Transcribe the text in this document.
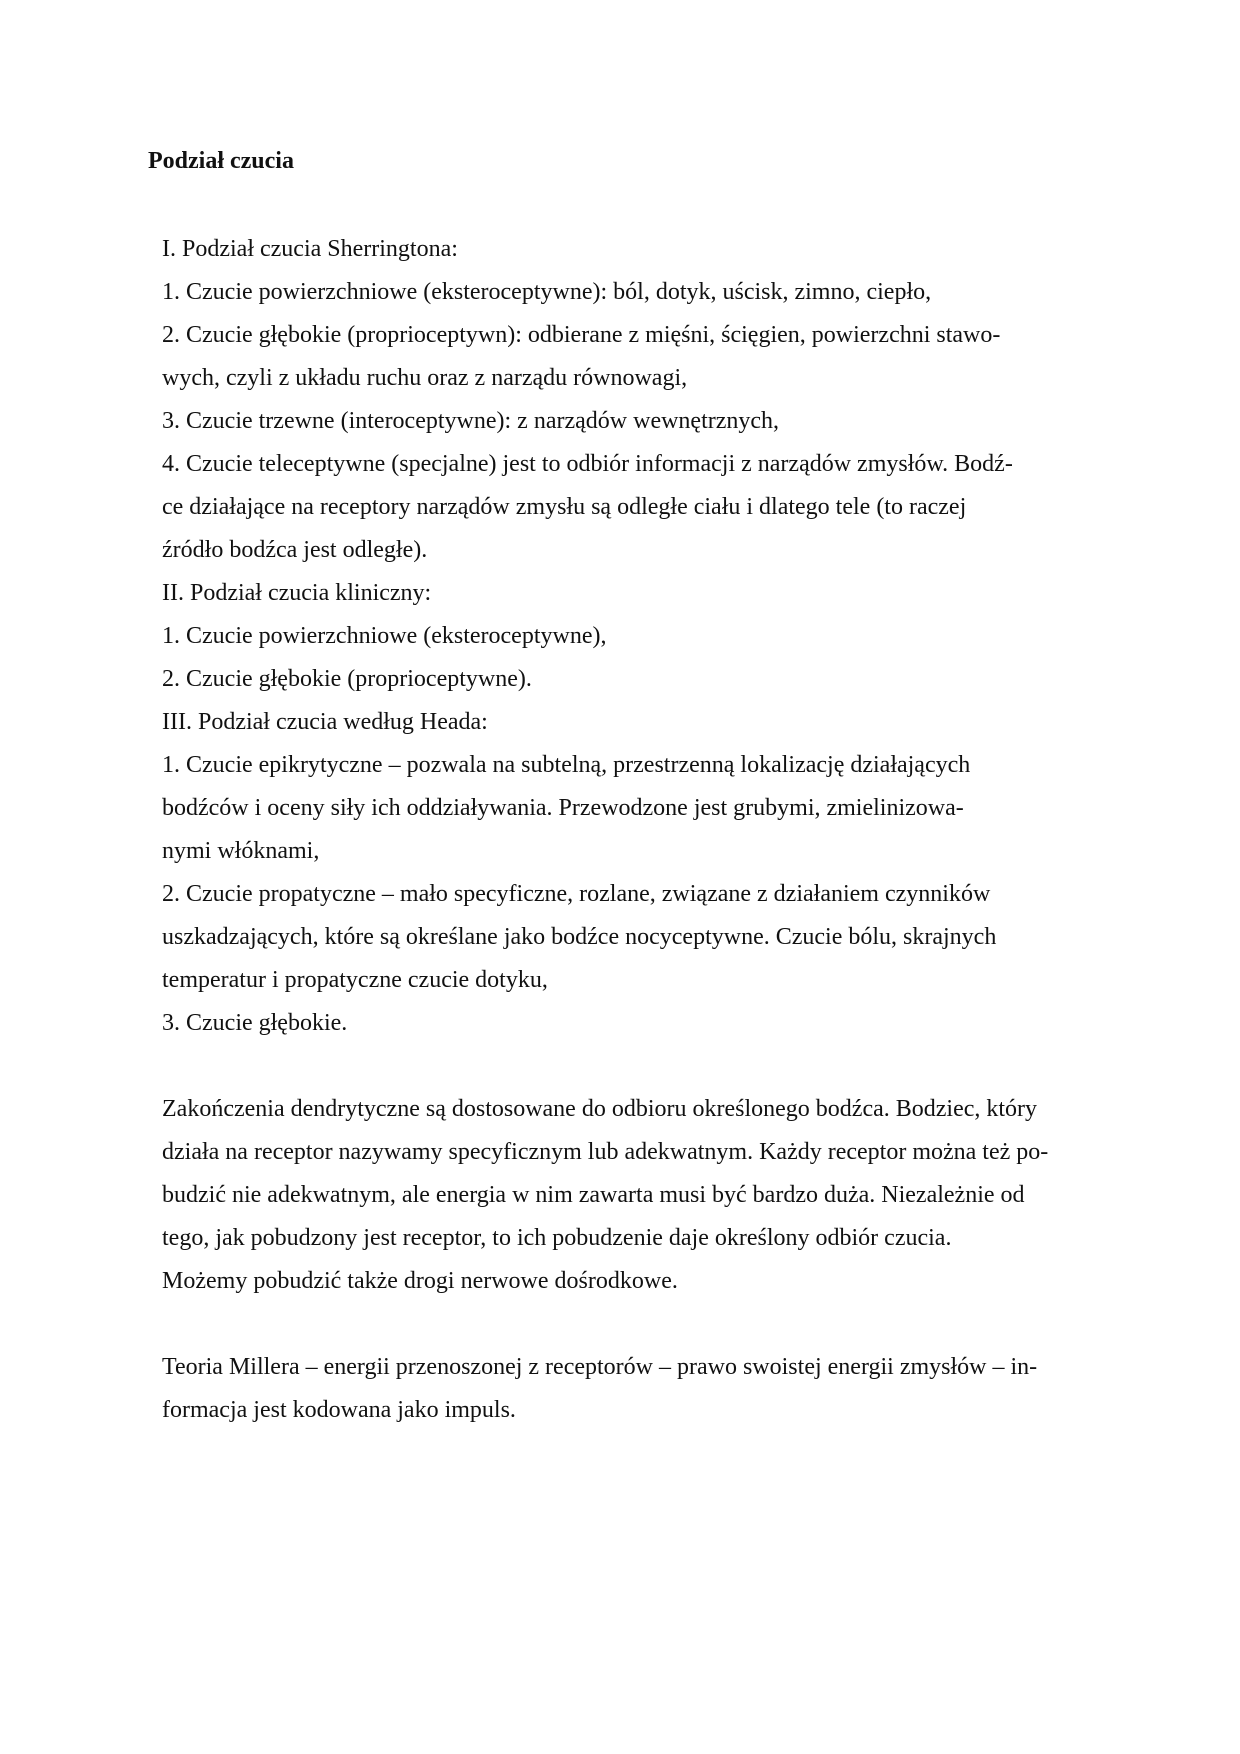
Podział czucia
I. Podział czucia Sherringtona:
1. Czucie powierzchniowe (eksteroceptywne): ból, dotyk, uścisk, zimno, ciepło,
2. Czucie głębokie (proprioceptywn): odbierane z mięśni, ścięgien, powierzchni stawo-
wych, czyli z układu ruchu oraz z narządu równowagi,
3. Czucie trzewne (interoceptywne): z narządów wewnętrznych,
4. Czucie teleceptywne (specjalne) jest to odbiór informacji z narządów zmysłów. Bodź-
ce działające na receptory narządów zmysłu są odległe ciału i dlatego tele (to raczej
źródło bodźca jest odległe).
II. Podział czucia kliniczny:
1. Czucie powierzchniowe (eksteroceptywne),
2. Czucie głębokie (proprioceptywne).
III. Podział czucia według Heada:
1. Czucie epikrytyczne – pozwala na subtelną, przestrzenną lokalizację działających
bodźców i oceny siły ich oddziaływania. Przewodzone jest grubymi, zmielinizowa-
nymi włóknami,
2. Czucie propatyczne – mało specyficzne, rozlane, związane z działaniem czynników
uszkadzających, które są określane jako bodźce nocyceptywne. Czucie bólu, skrajnych
temperatur i propatyczne czucie dotyku,
3. Czucie głębokie.
Zakończenia dendrytyczne są dostosowane do odbioru określonego bodźca. Bodziec, który
działa na receptor nazywamy specyficznym lub adekwatnym. Każdy receptor można też po-
budzić nie adekwatnym, ale energia w nim zawarta musi być bardzo duża. Niezależnie od
tego, jak pobudzony jest receptor, to ich pobudzenie daje określony odbiór czucia.
Możemy pobudzić także drogi nerwowe dośrodkowe.
Teoria Millera – energii przenoszonej z receptorów – prawo swoistej energii zmysłów – in-
formacja jest kodowana jako impuls.
